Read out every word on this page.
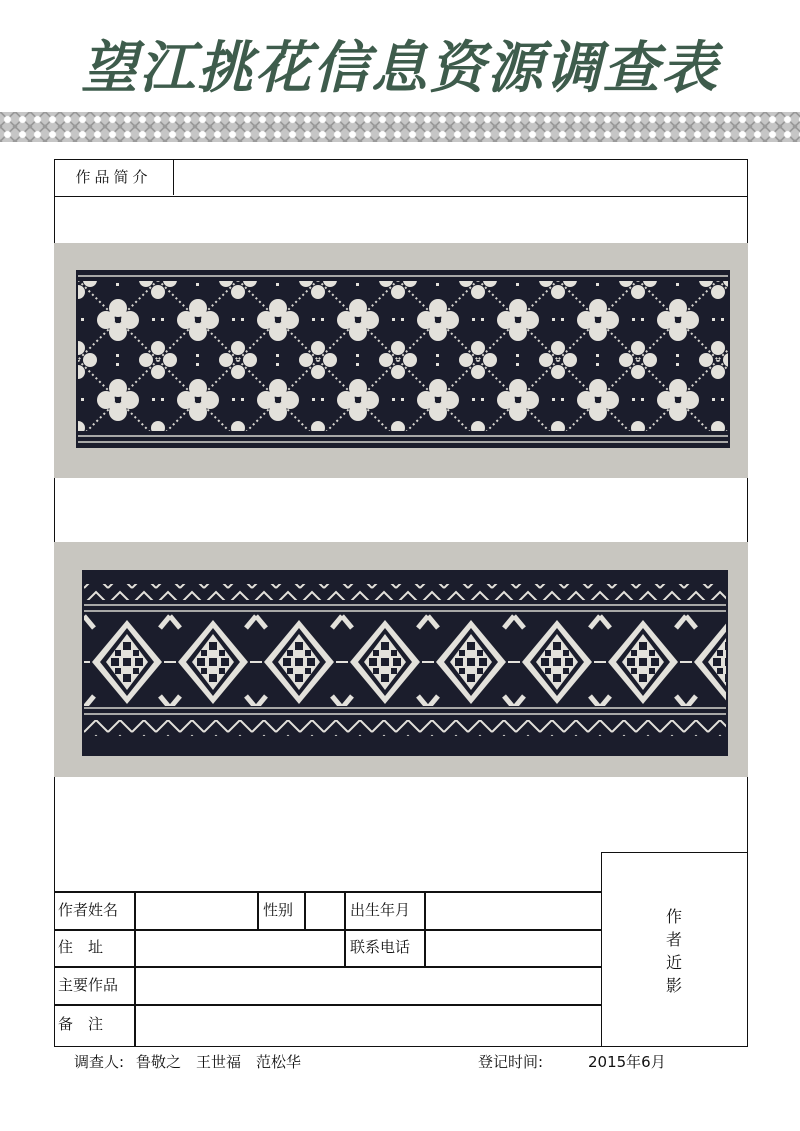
望江挑花信息资源调查表
作品简介
作者姓名	性别	出生年月
住　址	联系电话
主要作品
备　注
作
者
近
影
调查人: 鲁敬之　王世福　范松华	登记时间:	2015年6月
